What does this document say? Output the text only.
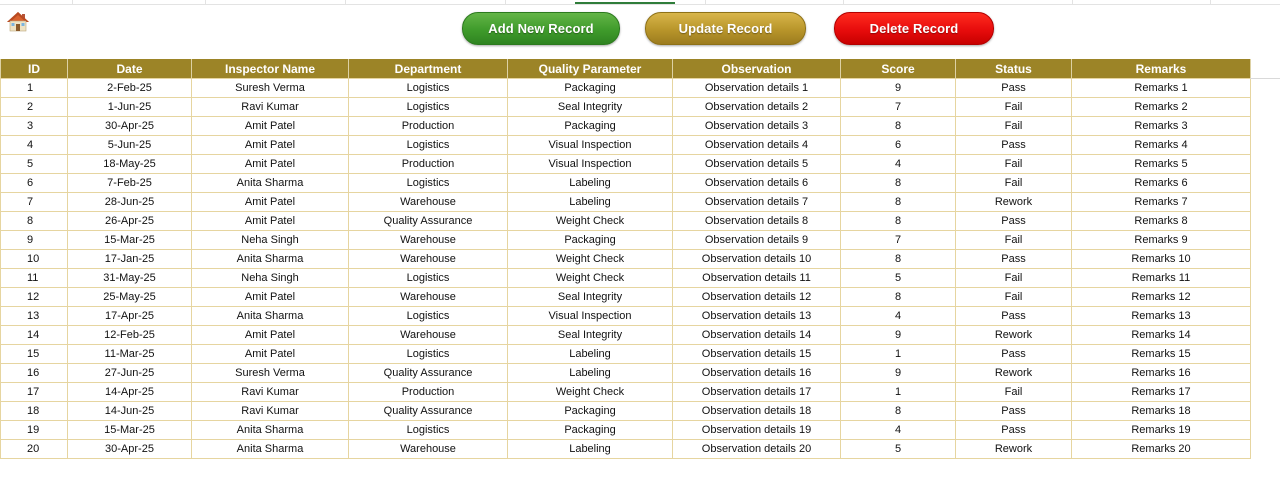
Add New Record	Update Record	Delete Record
ID	Date	Inspector Name	Department	Quality Parameter	Observation	Score	Status	Remarks
1	2-Feb-25	Suresh Verma	Logistics	Packaging	Observation details 1	9	Pass	Remarks 1
2	1-Jun-25	Ravi Kumar	Logistics	Seal Integrity	Observation details 2	7	Fail	Remarks 2
3	30-Apr-25	Amit Patel	Production	Packaging	Observation details 3	8	Fail	Remarks 3
4	5-Jun-25	Amit Patel	Logistics	Visual Inspection	Observation details 4	6	Pass	Remarks 4
5	18-May-25	Amit Patel	Production	Visual Inspection	Observation details 5	4	Fail	Remarks 5
6	7-Feb-25	Anita Sharma	Logistics	Labeling	Observation details 6	8	Fail	Remarks 6
7	28-Jun-25	Amit Patel	Warehouse	Labeling	Observation details 7	8	Rework	Remarks 7
8	26-Apr-25	Amit Patel	Quality Assurance	Weight Check	Observation details 8	8	Pass	Remarks 8
9	15-Mar-25	Neha Singh	Warehouse	Packaging	Observation details 9	7	Fail	Remarks 9
10	17-Jan-25	Anita Sharma	Warehouse	Weight Check	Observation details 10	8	Pass	Remarks 10
11	31-May-25	Neha Singh	Logistics	Weight Check	Observation details 11	5	Fail	Remarks 11
12	25-May-25	Amit Patel	Warehouse	Seal Integrity	Observation details 12	8	Fail	Remarks 12
13	17-Apr-25	Anita Sharma	Logistics	Visual Inspection	Observation details 13	4	Pass	Remarks 13
14	12-Feb-25	Amit Patel	Warehouse	Seal Integrity	Observation details 14	9	Rework	Remarks 14
15	11-Mar-25	Amit Patel	Logistics	Labeling	Observation details 15	1	Pass	Remarks 15
16	27-Jun-25	Suresh Verma	Quality Assurance	Labeling	Observation details 16	9	Rework	Remarks 16
17	14-Apr-25	Ravi Kumar	Production	Weight Check	Observation details 17	1	Fail	Remarks 17
18	14-Jun-25	Ravi Kumar	Quality Assurance	Packaging	Observation details 18	8	Pass	Remarks 18
19	15-Mar-25	Anita Sharma	Logistics	Packaging	Observation details 19	4	Pass	Remarks 19
20	30-Apr-25	Anita Sharma	Warehouse	Labeling	Observation details 20	5	Rework	Remarks 20
